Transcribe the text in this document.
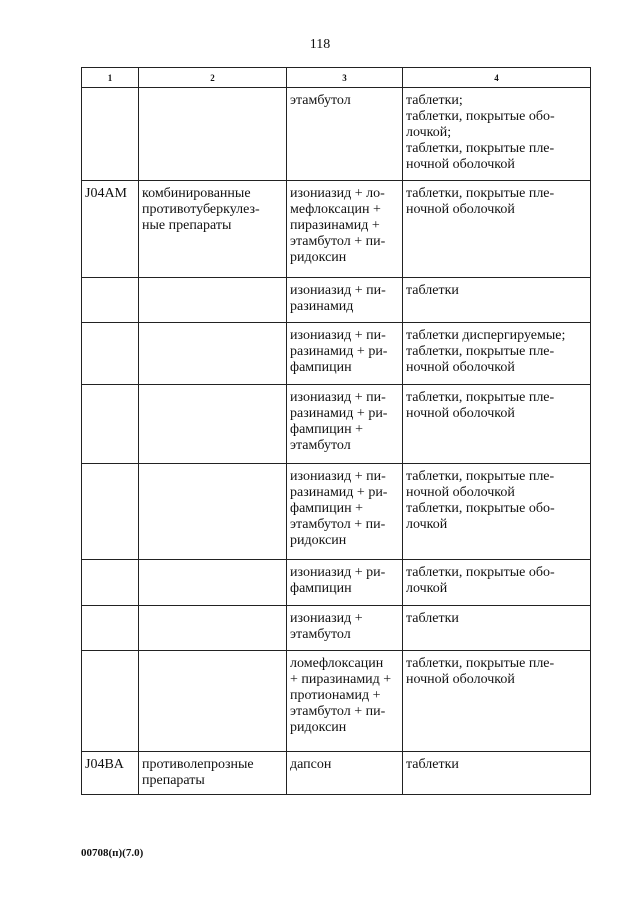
118
1	2	3	4

		этамбутол	таблетки;
таблетки, покрытые обо-
лочкой;
таблетки, покрытые пле-
ночной оболочкой

J04AM	комбинированные
противотуберкулез-
ные препараты	изониазид + ло-
мефлоксацин +
пиразинамид +
этамбутол + пи-
ридоксин	таблетки, покрытые пле-
ночной оболочкой

		изониазид + пи-
разинамид	таблетки

		изониазид + пи-
разинамид + ри-
фампицин	таблетки диспергируемые;
таблетки, покрытые пле-
ночной оболочкой

		изониазид + пи-
разинамид + ри-
фампицин +
этамбутол	таблетки, покрытые пле-
ночной оболочкой

		изониазид + пи-
разинамид + ри-
фампицин +
этамбутол + пи-
ридоксин	таблетки, покрытые пле-
ночной оболочкой
таблетки, покрытые обо-
лочкой

		изониазид + ри-
фампицин	таблетки, покрытые обо-
лочкой

		изониазид +
этамбутол	таблетки

		ломефлоксацин
+ пиразинамид +
протионамид +
этамбутол + пи-
ридоксин	таблетки, покрытые пле-
ночной оболочкой

J04BA	противолепрозные
препараты	дапсон	таблетки
00708(п)(7.0)
